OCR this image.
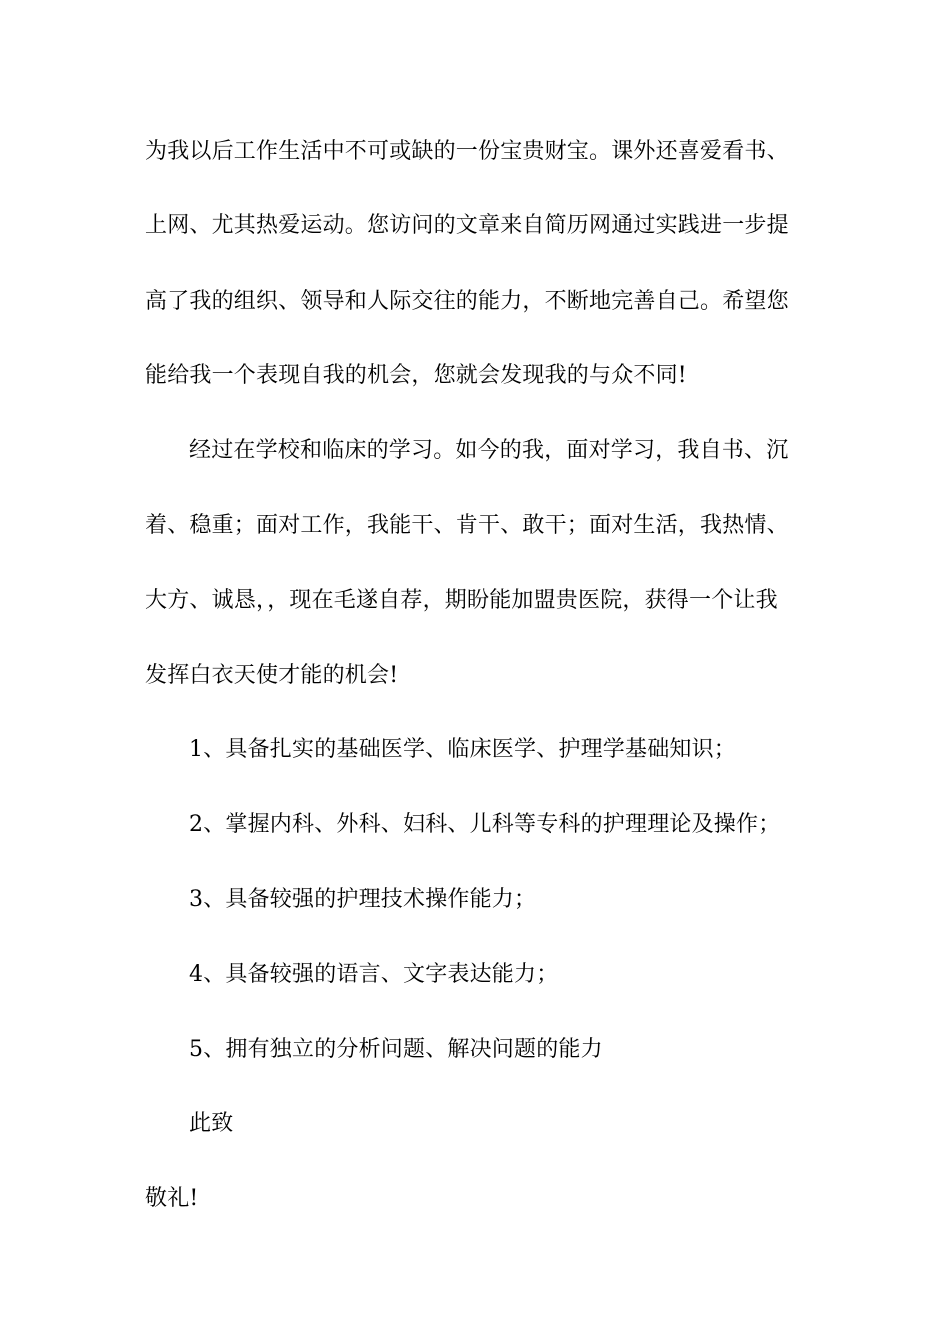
为我以后工作生活中不可或缺的一份宝贵财宝。课外还喜爱看书、
上网、尤其热爱运动。您访问的文章来自简历网通过实践进一步提
高了我的组织、领导和人际交往的能力，不断地完善自己。希望您
能给我一个表现自我的机会，您就会发现我的与众不同!
经过在学校和临床的学习。如今的我，面对学习，我自书、沉
着、稳重；面对工作，我能干、肯干、敢干；面对生活，我热情、
大方、诚恳，，现在毛遂自荐，期盼能加盟贵医院，获得一个让我
发挥白衣天使才能的机会!
1、具备扎实的基础医学、临床医学、护理学基础知识；
2、掌握内科、外科、妇科、儿科等专科的护理理论及操作；
3、具备较强的护理技术操作能力；
4、具备较强的语言、文字表达能力；
5、拥有独立的分析问题、解决问题的能力
此致
敬礼!
